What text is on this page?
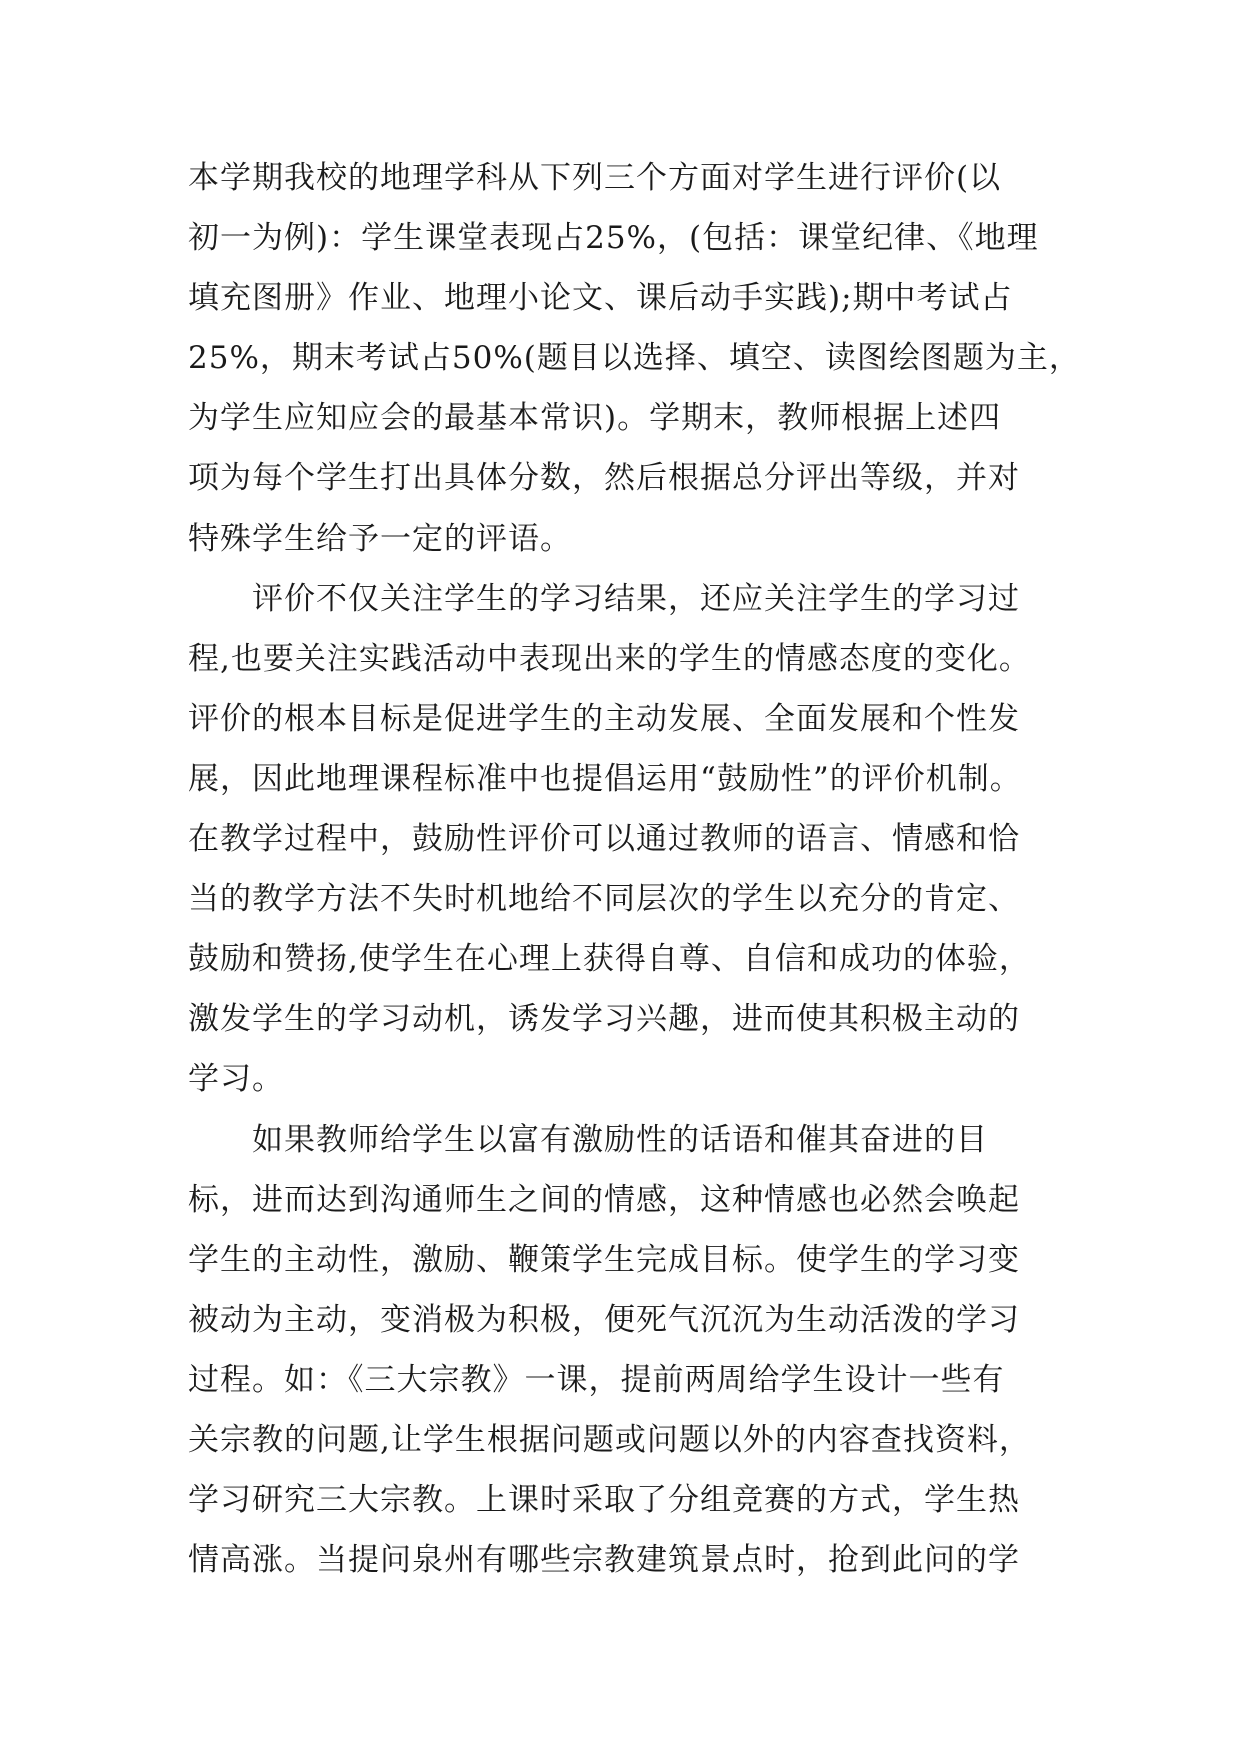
本学期我校的地理学科从下列三个方面对学生进行评价(以
初一为例)：学生课堂表现占25%，(包括：课堂纪律、《地理
填充图册》作业、地理小论文、课后动手实践);期中考试占
25%，期末考试占50%(题目以选择、填空、读图绘图题为主，
为学生应知应会的最基本常识)。学期末，教师根据上述四
项为每个学生打出具体分数，然后根据总分评出等级，并对
特殊学生给予一定的评语。
评价不仅关注学生的学习结果，还应关注学生的学习过
程,也要关注实践活动中表现出来的学生的情感态度的变化。
评价的根本目标是促进学生的主动发展、全面发展和个性发
展，因此地理课程标准中也提倡运用“鼓励性”的评价机制。
在教学过程中，鼓励性评价可以通过教师的语言、情感和恰
当的教学方法不失时机地给不同层次的学生以充分的肯定、
鼓励和赞扬,使学生在心理上获得自尊、自信和成功的体验，
激发学生的学习动机，诱发学习兴趣，进而使其积极主动的
学习。
如果教师给学生以富有激励性的话语和催其奋进的目
标，进而达到沟通师生之间的情感，这种情感也必然会唤起
学生的主动性，激励、鞭策学生完成目标。使学生的学习变
被动为主动，变消极为积极，便死气沉沉为生动活泼的学习
过程。如：《三大宗教》一课，提前两周给学生设计一些有
关宗教的问题,让学生根据问题或问题以外的内容查找资料，
学习研究三大宗教。上课时采取了分组竞赛的方式，学生热
情高涨。当提问泉州有哪些宗教建筑景点时，抢到此问的学
